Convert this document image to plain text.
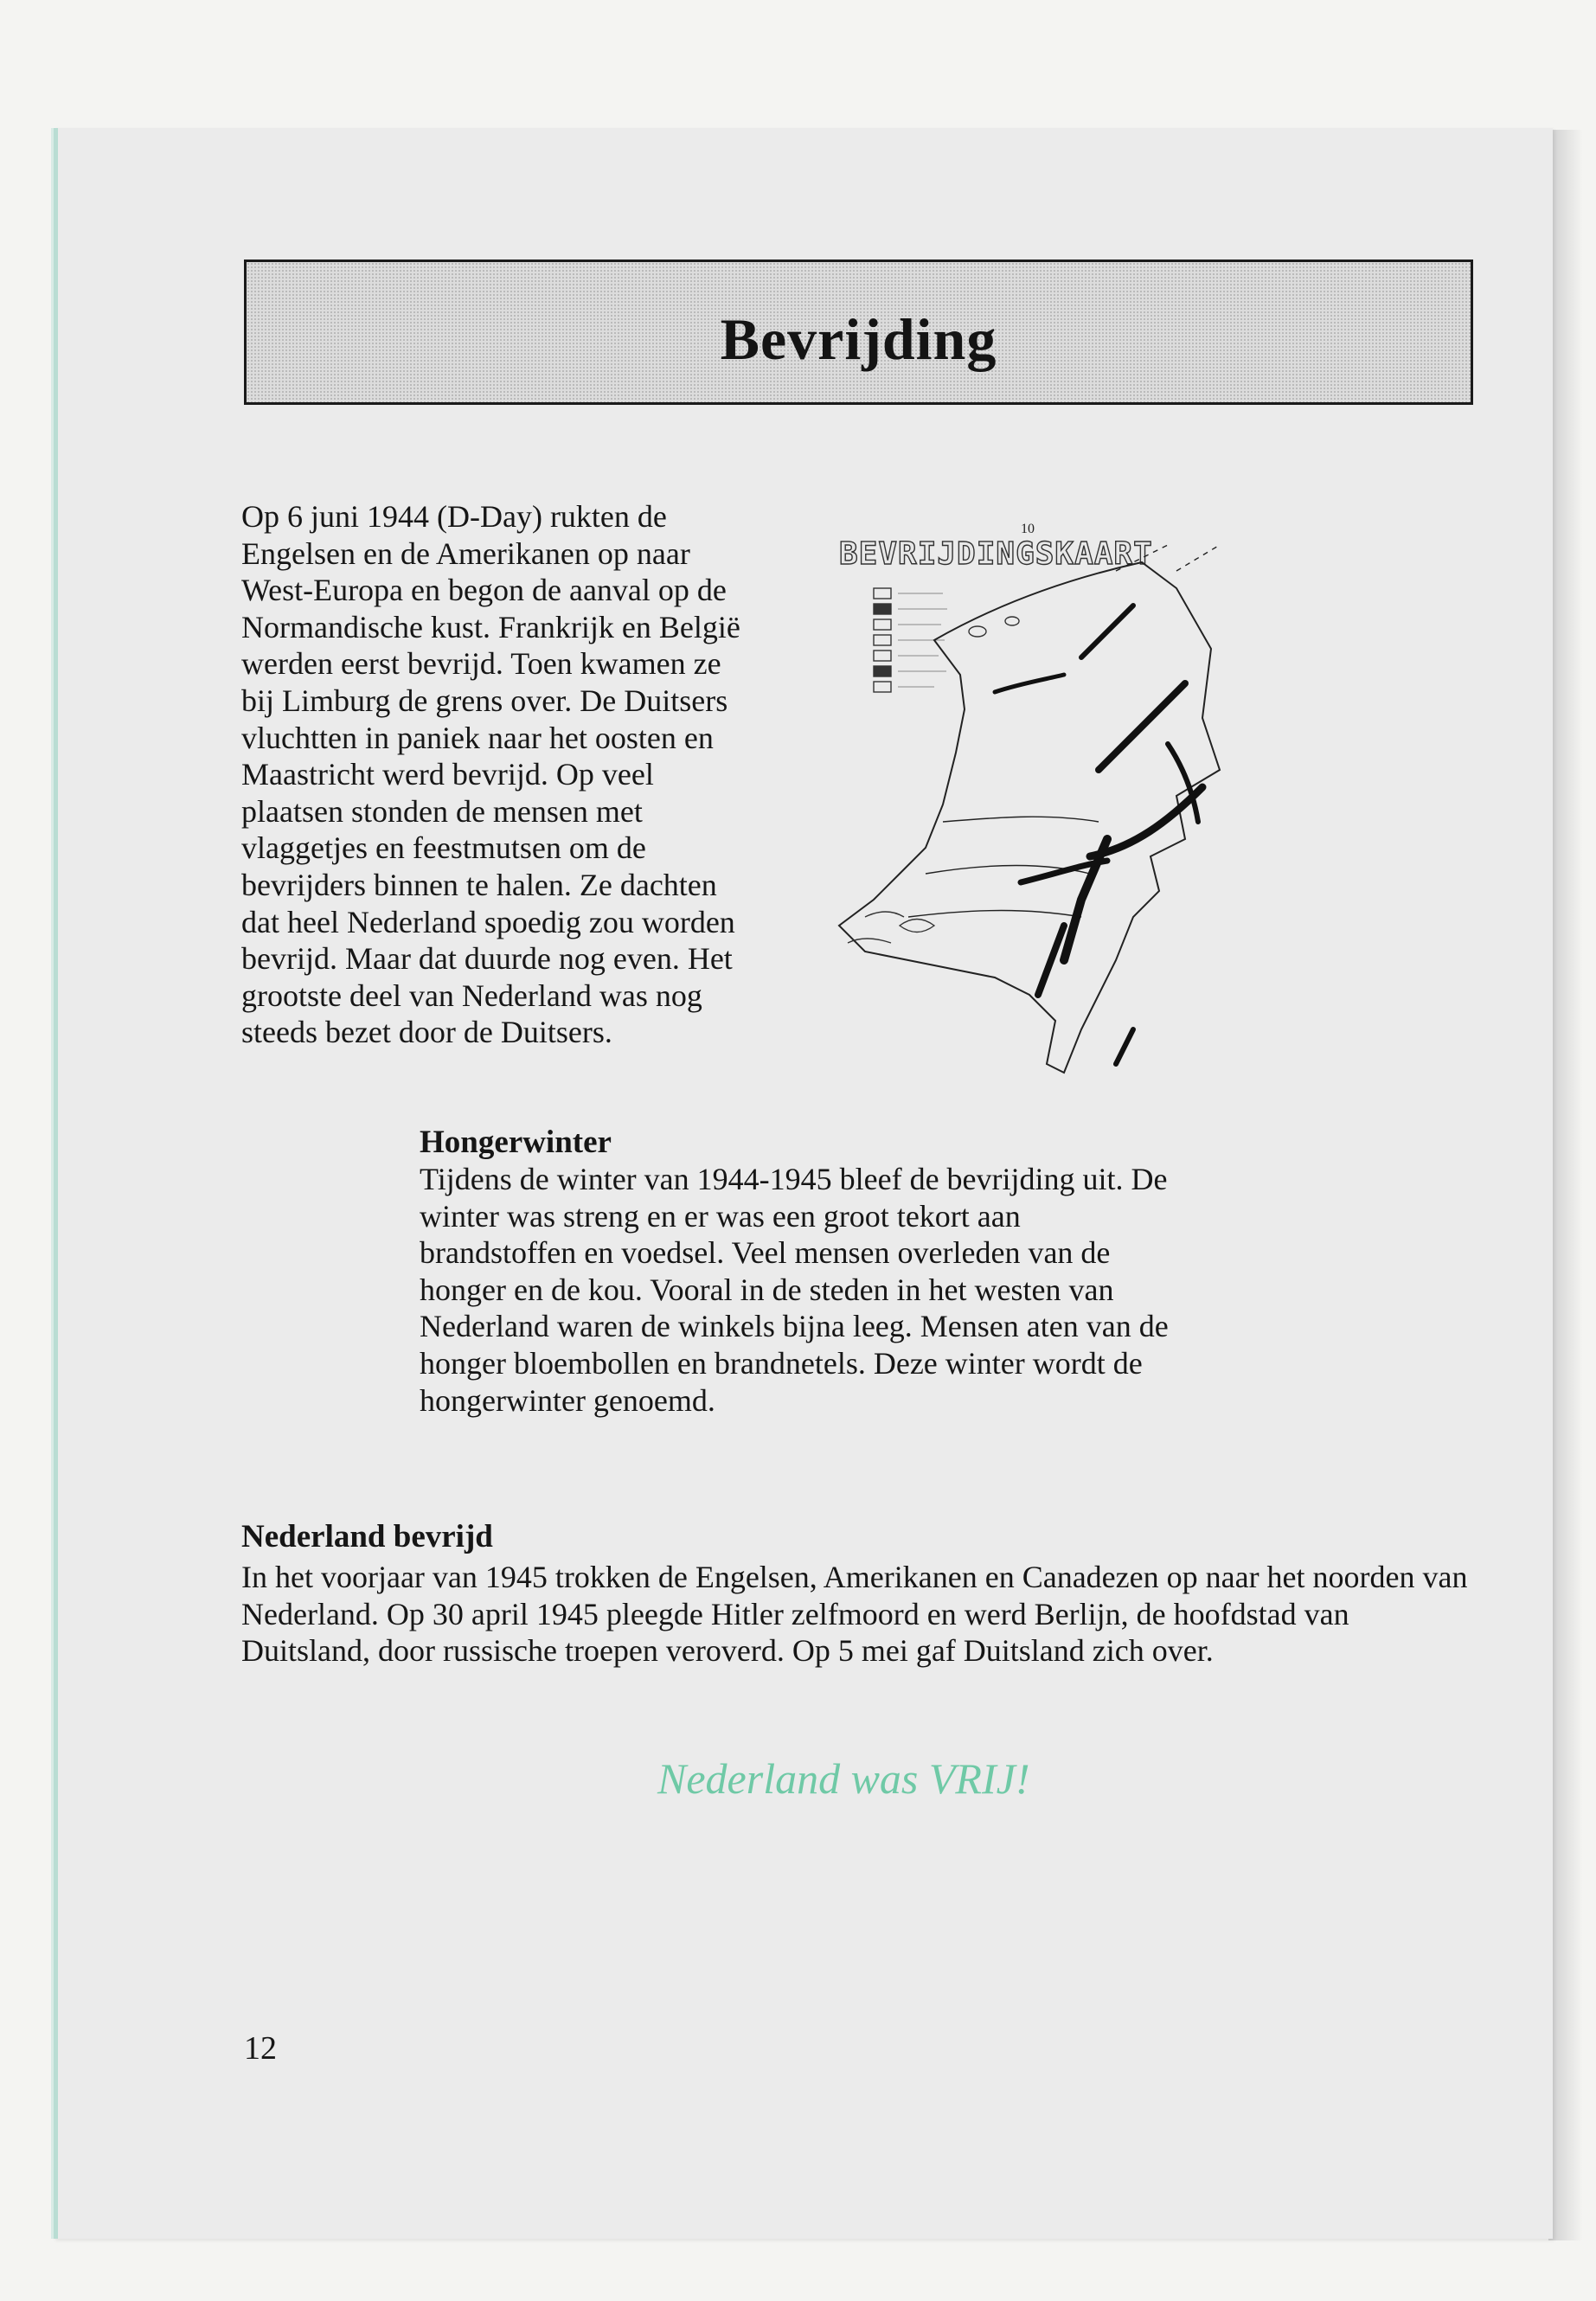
Bevrijding

Op 6 juni 1944 (D-Day) rukten de Engelsen en de Amerikanen op naar West-Europa en begon de aanval op de Normandische kust. Frankrijk en België werden eerst bevrijd. Toen kwamen ze bij Limburg de grens over. De Duitsers vluchtten in paniek naar het oosten en Maastricht werd bevrijd. Op veel plaatsen stonden de mensen met vlaggetjes en feestmutsen om de bevrijders binnen te halen. Ze dachten dat heel Nederland spoedig zou worden bevrijd. Maar dat duurde nog even. Het grootste deel van Nederland was nog steeds bezet door de Duitsers.

10
BEVRIJDINGSKAART

Hongerwinter

Tijdens de winter van 1944-1945 bleef de bevrijding uit. De winter was streng en er was een groot tekort aan brandstoffen en voedsel. Veel mensen overleden van de honger en de kou. Vooral in de steden in het westen van Nederland waren de winkels bijna leeg. Mensen aten van de honger bloembollen en brandnetels. Deze winter wordt de hongerwinter genoemd.

Nederland bevrijd

In het voorjaar van 1945 trokken de Engelsen, Amerikanen en Canadezen op naar het noorden van Nederland. Op 30 april 1945 pleegde Hitler zelfmoord en werd Berlijn, de hoofdstad van Duitsland, door russische troepen veroverd. Op 5 mei gaf Duitsland zich over.

Nederland was VRIJ!

12
